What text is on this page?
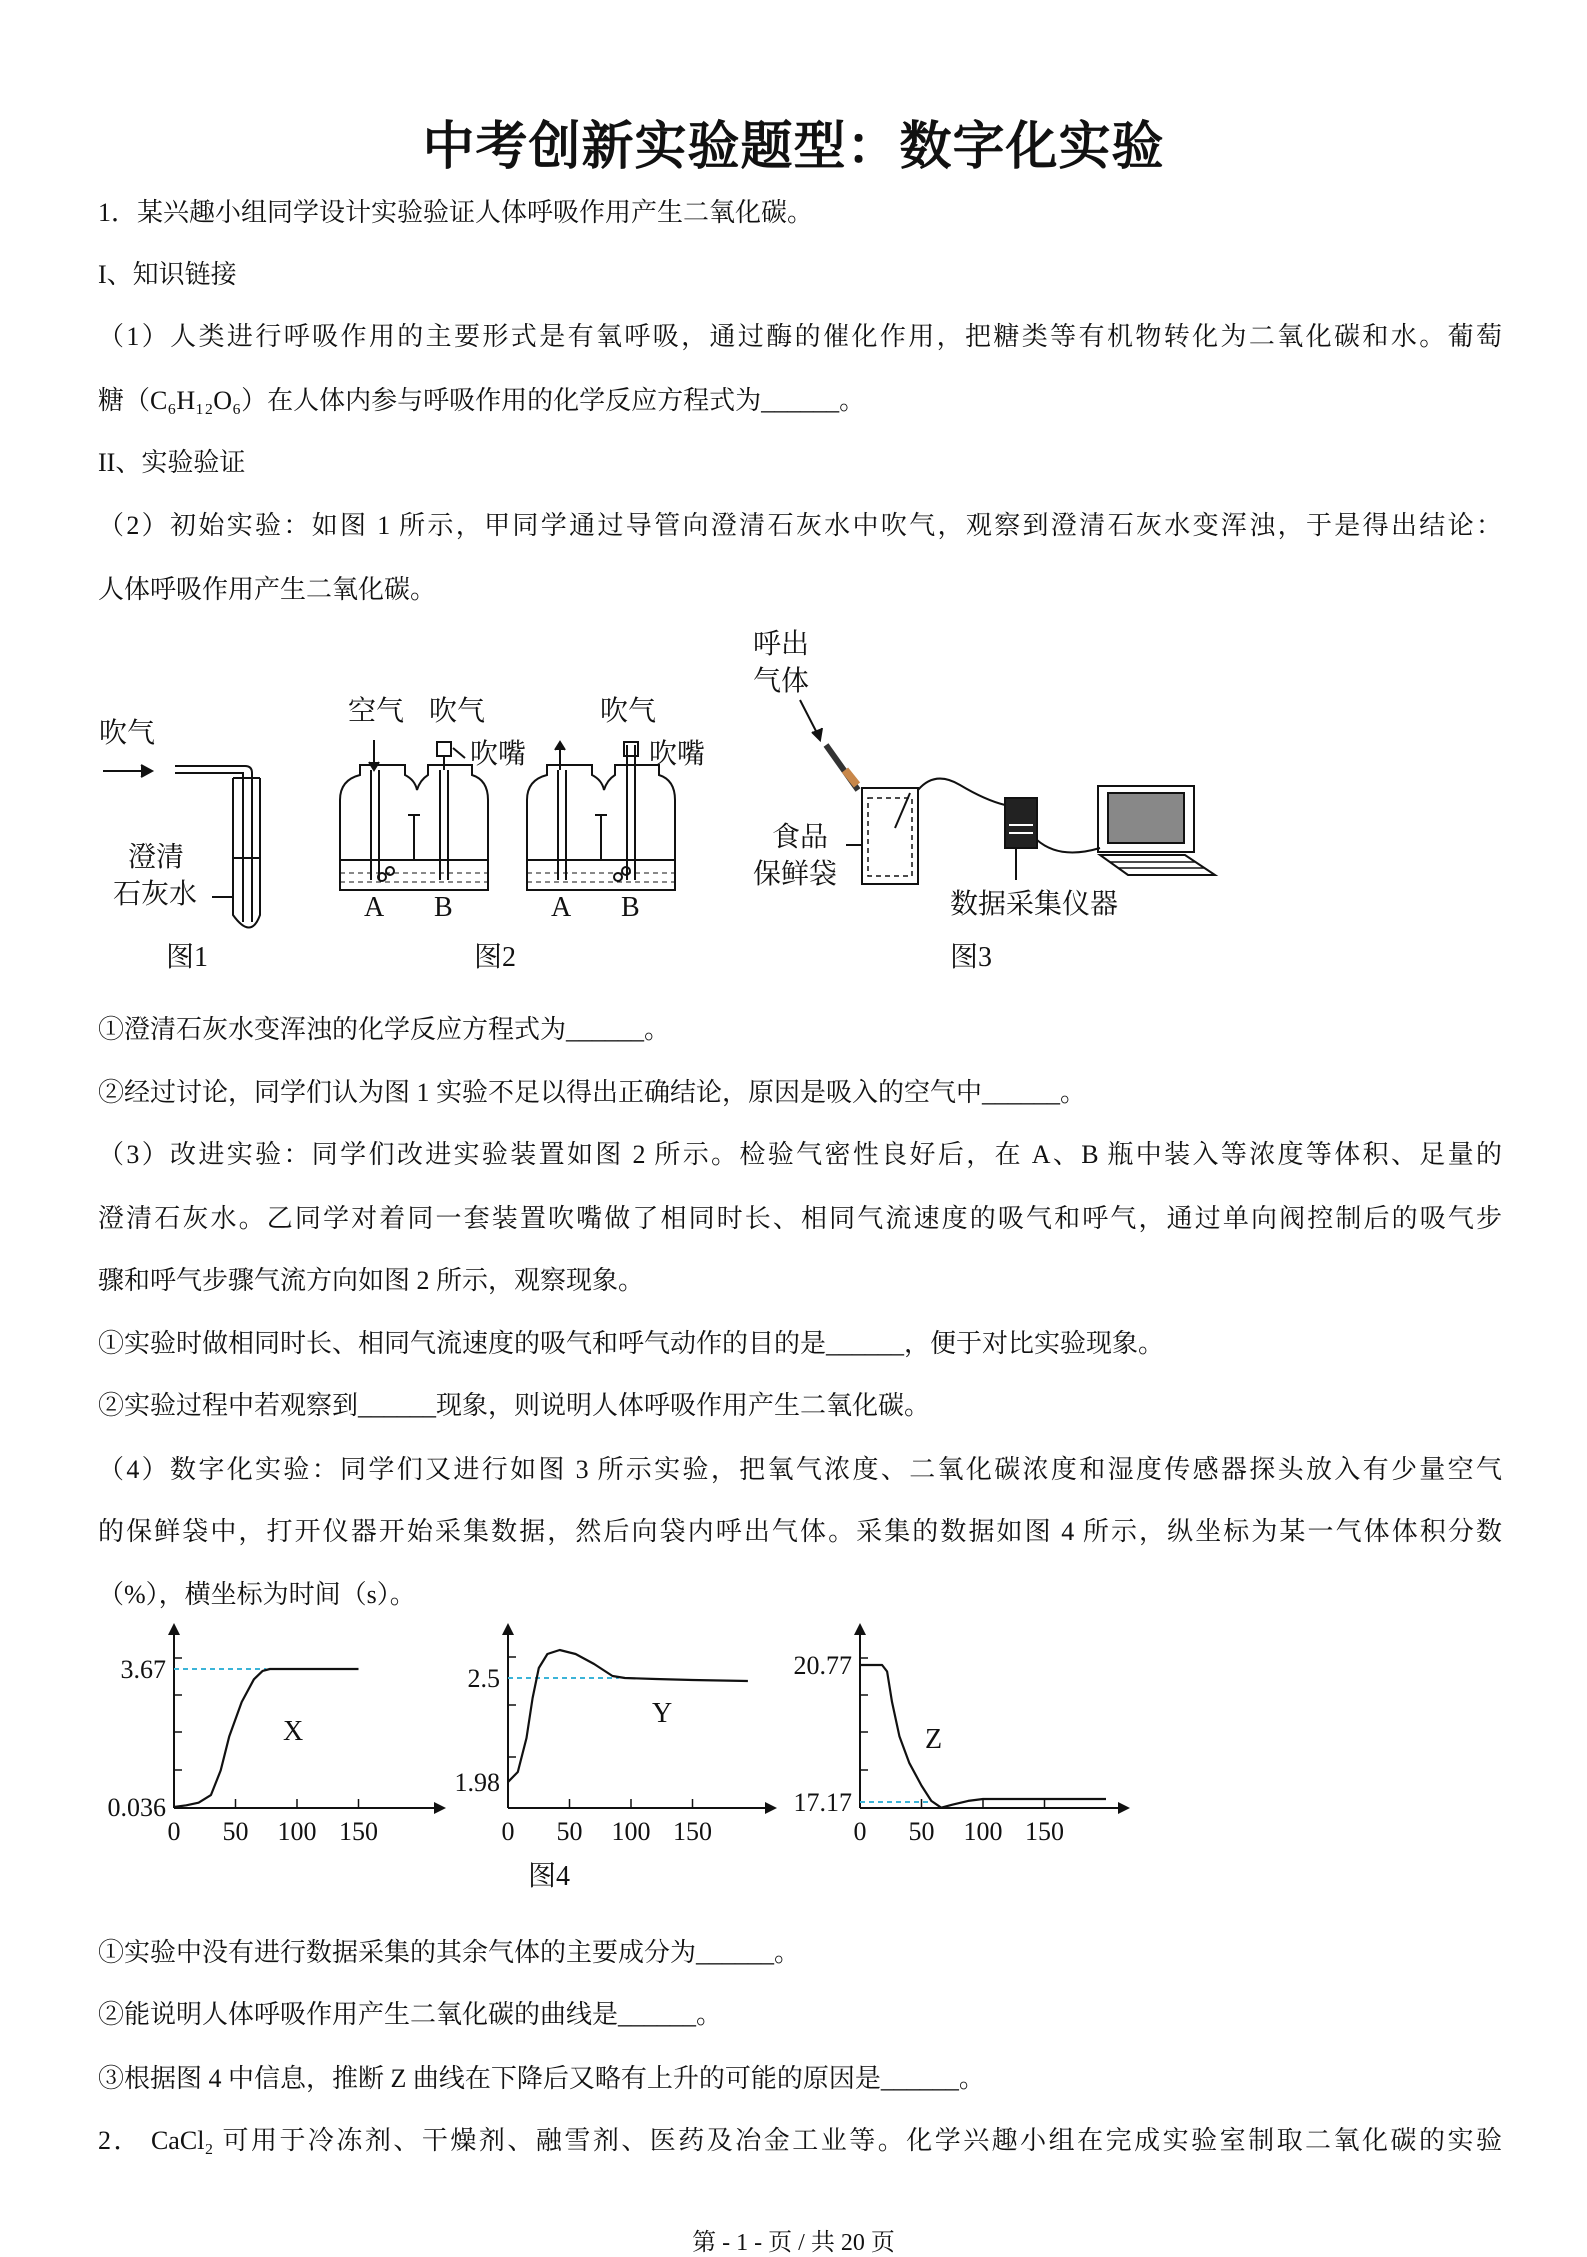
中考创新实验题型：数字化实验
1．某兴趣小组同学设计实验验证人体呼吸作用产生二氧化碳。
I、知识链接
（1）人类进行呼吸作用的主要形式是有氧呼吸，通过酶的催化作用，把糖类等有机物转化为二氧化碳和水。葡萄
糖（C₆H₁₂O₆）在人体内参与呼吸作用的化学反应方程式为______。
II、实验验证
（2）初始实验：如图 1 所示，甲同学通过导管向澄清石灰水中吹气，观察到澄清石灰水变浑浊，于是得出结论：
人体呼吸作用产生二氧化碳。
吹气
澄清
石灰水
图1
空气 吹气
吹嘴
吹气
吹嘴
A B	A B
图2
呼出
气体
食品
保鲜袋
数据采集仪器
图3
①澄清石灰水变浑浊的化学反应方程式为______。
②经过讨论，同学们认为图 1 实验不足以得出正确结论，原因是吸入的空气中______。
（3）改进实验：同学们改进实验装置如图 2 所示。检验气密性良好后，在 A、B 瓶中装入等浓度等体积、足量的
澄清石灰水。乙同学对着同一套装置吹嘴做了相同时长、相同气流速度的吸气和呼气，通过单向阀控制后的吸气步
骤和呼气步骤气流方向如图 2 所示，观察现象。
①实验时做相同时长、相同气流速度的吸气和呼气动作的目的是______，便于对比实验现象。
②实验过程中若观察到______现象，则说明人体呼吸作用产生二氧化碳。
（4）数字化实验：同学们又进行如图 3 所示实验，把氧气浓度、二氧化碳浓度和湿度传感器探头放入有少量空气
的保鲜袋中，打开仪器开始采集数据，然后向袋内呼出气体。采集的数据如图 4 所示，纵坐标为某一气体体积分数
（%），横坐标为时间（s）。
0 50 100 150
3.67
0.036
X
0 50 100 150
2.5
1.98
Y
0 50 100 150
20.77
17.17
Z
图4
①实验中没有进行数据采集的其余气体的主要成分为______。
②能说明人体呼吸作用产生二氧化碳的曲线是______。
③根据图 4 中信息，推断 Z 曲线在下降后又略有上升的可能的原因是______。
2． CaCl₂ 可用于冷冻剂、干燥剂、融雪剂、医药及冶金工业等。化学兴趣小组在完成实验室制取二氧化碳的实验
第 - 1 - 页 / 共 20 页
